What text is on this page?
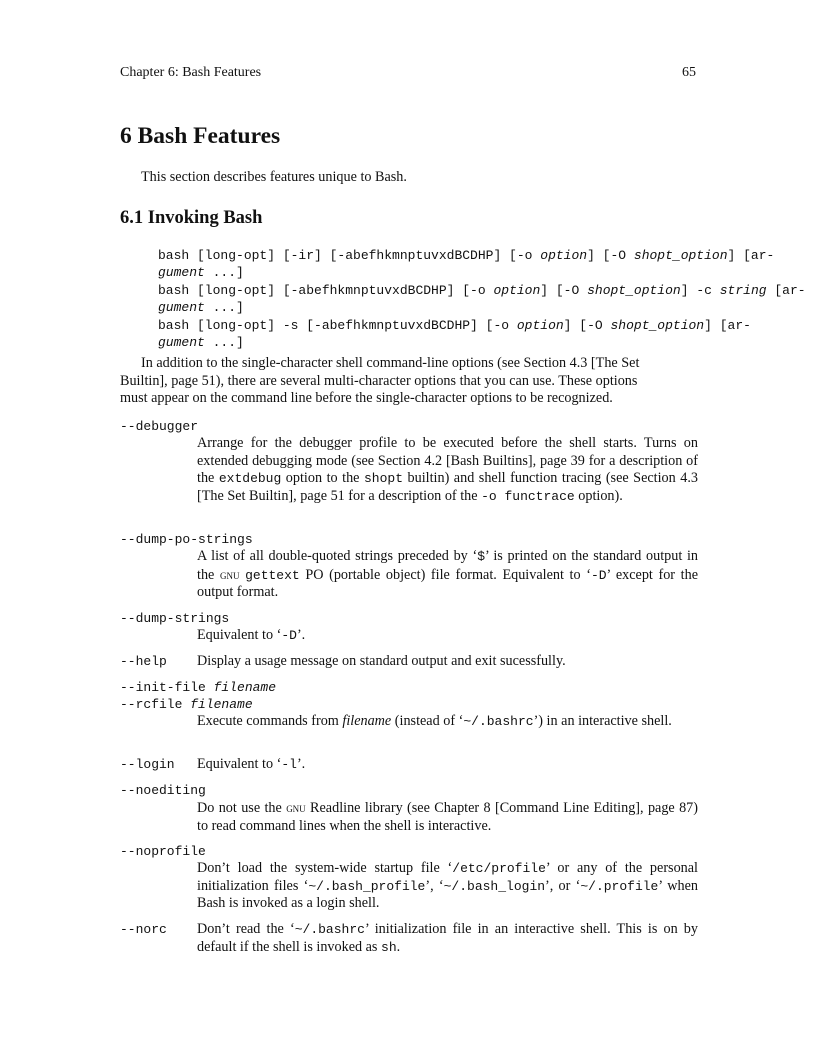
Chapter 6: Bash Features	65
6 Bash Features
This section describes features unique to Bash.
6.1 Invoking Bash
bash [long-opt] [-ir] [-abefhkmnptuvxdBCDHP] [-o option] [-O shopt_option] [ar-
gument ...]
bash [long-opt] [-abefhkmnptuvxdBCDHP] [-o option] [-O shopt_option] -c string [ar-
gument ...]
bash [long-opt] -s [-abefhkmnptuvxdBCDHP] [-o option] [-O shopt_option] [ar-
gument ...]
In addition to the single-character shell command-line options (see Section 4.3 [The Set
Builtin], page 51), there are several multi-character options that you can use. These options
must appear on the command line before the single-character options to be recognized.
--debugger
Arrange for the debugger profile to be executed before the shell starts. Turns on extended debugging mode (see Section 4.2 [Bash Builtins], page 39 for a description of the extdebug option to the shopt builtin) and shell function tracing (see Section 4.3 [The Set Builtin], page 51 for a description of the -o functrace option).
--dump-po-strings
A list of all double-quoted strings preceded by ‘$’ is printed on the standard output in the gnu gettext PO (portable object) file format. Equivalent to ‘-D’ except for the output format.
--dump-strings
Equivalent to ‘-D’.
--help Display a usage message on standard output and exit sucessfully.
--init-file filename
--rcfile filename
Execute commands from filename (instead of ‘~/.bashrc’) in an interactive shell.
--login Equivalent to ‘-l’.
--noediting
Do not use the gnu Readline library (see Chapter 8 [Command Line Editing], page 87) to read command lines when the shell is interactive.
--noprofile
Don’t load the system-wide startup file ‘/etc/profile’ or any of the personal initialization files ‘~/.bash_profile’, ‘~/.bash_login’, or ‘~/.profile’ when Bash is invoked as a login shell.
--norc Don’t read the ‘~/.bashrc’ initialization file in an interactive shell. This is on by default if the shell is invoked as sh.
